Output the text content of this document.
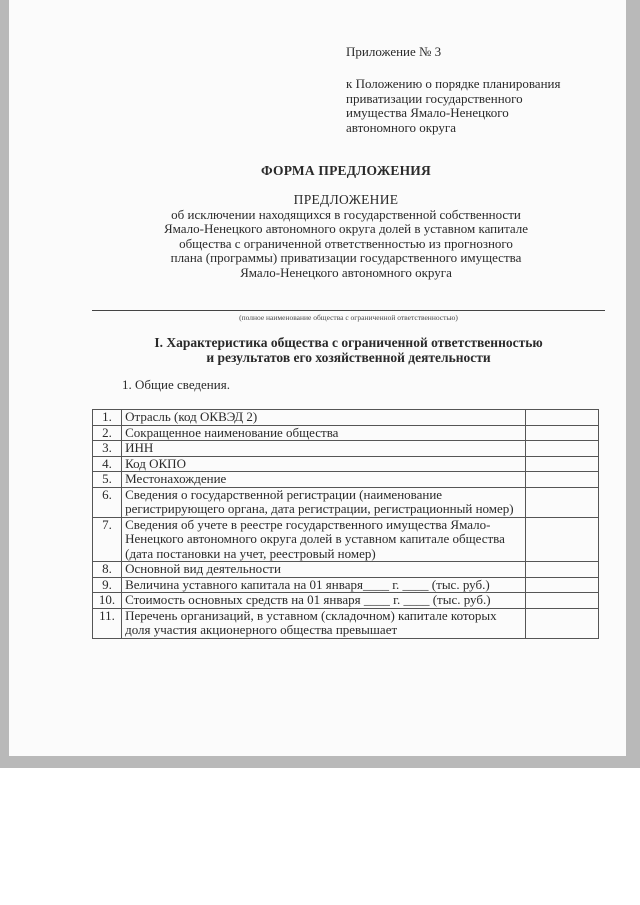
Приложение № 3
к Положению о порядке планирования
приватизации государственного
имущества Ямало-Ненецкого
автономного округа
ФОРМА ПРЕДЛОЖЕНИЯ
ПРЕДЛОЖЕНИЕ
об исключении находящихся в государственной собственности
Ямало-Ненецкого автономного округа долей в уставном капитале
общества с ограниченной ответственностью из прогнозного
плана (программы) приватизации государственного имущества
Ямало-Ненецкого автономного округа
(полное наименование общества с ограниченной ответственностью)
I. Характеристика общества с ограниченной ответственностью
и результатов его хозяйственной деятельности
1. Общие сведения.
1.	Отрасль (код ОКВЭД 2)	
2.	Сокращенное наименование общества	
3.	ИНН	
4.	Код ОКПО	
5.	Местонахождение	
6.	Сведения о государственной регистрации (наименование регистрирующего органа, дата регистрации, регистрационный номер)	
7.	Сведения об учете в реестре государственного имущества Ямало-Ненецкого автономного округа долей в уставном капитале общества (дата постановки на учет, реестровый номер)	
8.	Основной вид деятельности	
9.	Величина уставного капитала на 01 января____ г. ____ (тыс. руб.)	
10.	Стоимость основных средств на 01 января ____ г. ____ (тыс. руб.)	
11.	Перечень организаций, в уставном (складочном) капитале которых доля участия акционерного общества превышает	
